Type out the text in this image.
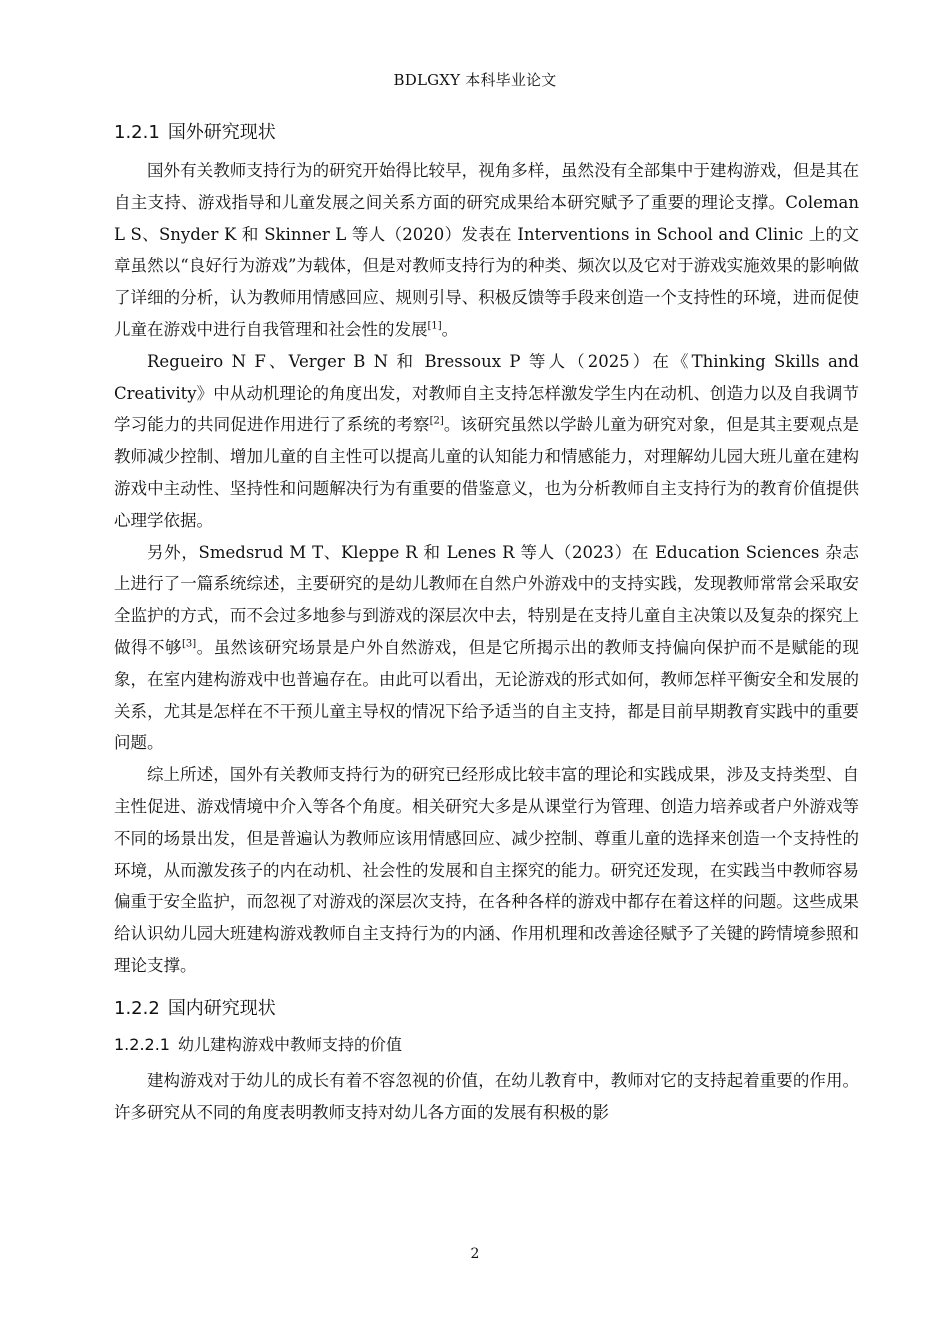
BDLGXY 本科毕业论文
1.2.1 国外研究现状

国外有关教师支持行为的研究开始得比较早，视角多样，虽然没有全部集中于建构游戏，但是其在自主支持、游戏指导和儿童发展之间关系方面的研究成果给本研究赋予了重要的理论支撑。Coleman L S、Snyder K 和 Skinner L 等人（2020）发表在 Interventions in School and Clinic 上的文章虽然以“良好行为游戏”为载体，但是对教师支持行为的种类、频次以及它对于游戏实施效果的影响做了详细的分析，认为教师用情感回应、规则引导、积极反馈等手段来创造一个支持性的环境，进而促使儿童在游戏中进行自我管理和社会性的发展[1]。

Regueiro N F、Verger B N 和 Bressoux P 等人（2025）在《Thinking Skills and Creativity》中从动机理论的角度出发，对教师自主支持怎样激发学生内在动机、创造力以及自我调节学习能力的共同促进作用进行了系统的考察[2]。该研究虽然以学龄儿童为研究对象，但是其主要观点是教师减少控制、增加儿童的自主性可以提高儿童的认知能力和情感能力，对理解幼儿园大班儿童在建构游戏中主动性、坚持性和问题解决行为有重要的借鉴意义，也为分析教师自主支持行为的教育价值提供心理学依据。

另外，Smedsrud M T、Kleppe R 和 Lenes R 等人（2023）在 Education Sciences 杂志上进行了一篇系统综述，主要研究的是幼儿教师在自然户外游戏中的支持实践，发现教师常常会采取安全监护的方式，而不会过多地参与到游戏的深层次中去，特别是在支持儿童自主决策以及复杂的探究上做得不够[3]。虽然该研究场景是户外自然游戏，但是它所揭示出的教师支持偏向保护而不是赋能的现象，在室内建构游戏中也普遍存在。由此可以看出，无论游戏的形式如何，教师怎样平衡安全和发展的关系，尤其是怎样在不干预儿童主导权的情况下给予适当的自主支持，都是目前早期教育实践中的重要问题。

综上所述，国外有关教师支持行为的研究已经形成比较丰富的理论和实践成果，涉及支持类型、自主性促进、游戏情境中介入等各个角度。相关研究大多是从课堂行为管理、创造力培养或者户外游戏等不同的场景出发，但是普遍认为教师应该用情感回应、减少控制、尊重儿童的选择来创造一个支持性的环境，从而激发孩子的内在动机、社会性的发展和自主探究的能力。研究还发现，在实践当中教师容易偏重于安全监护，而忽视了对游戏的深层次支持，在各种各样的游戏中都存在着这样的问题。这些成果给认识幼儿园大班建构游戏教师自主支持行为的内涵、作用机理和改善途径赋予了关键的跨情境参照和理论支撑。

1.2.2 国内研究现状
1.2.2.1 幼儿建构游戏中教师支持的价值

建构游戏对于幼儿的成长有着不容忽视的价值，在幼儿教育中，教师对它的支持起着重要的作用。许多研究从不同的角度表明教师支持对幼儿各方面的发展有积极的影

2
